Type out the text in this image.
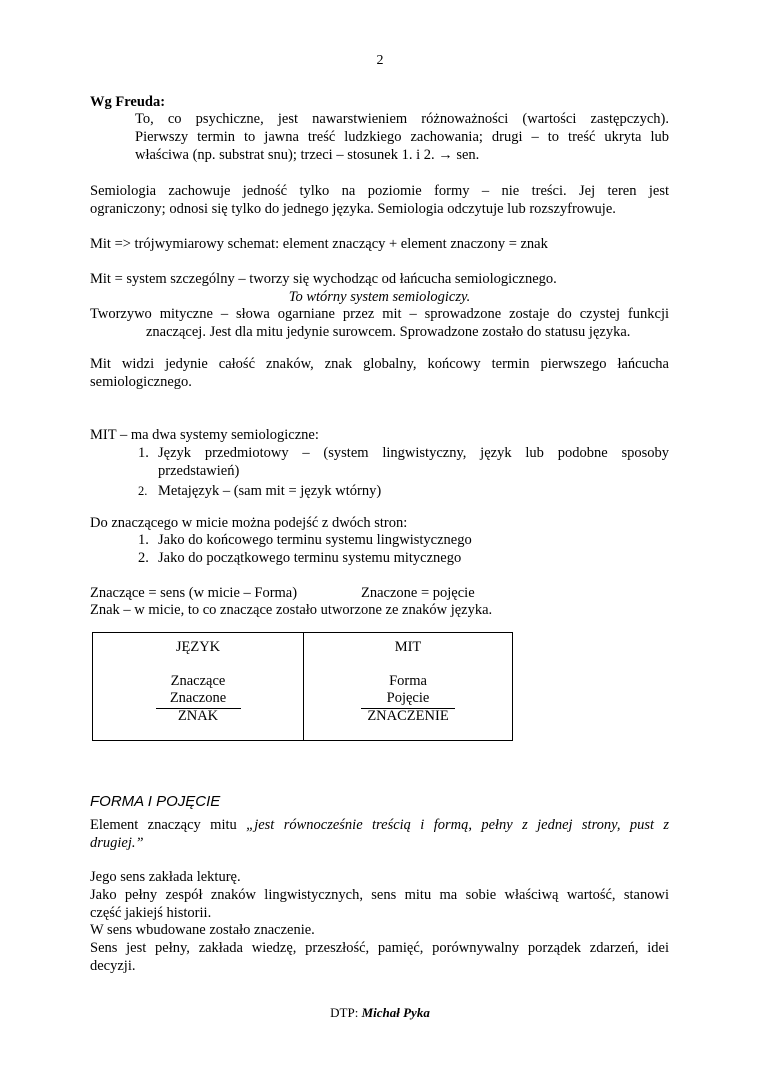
2
Wg Freuda:
To, co psychiczne, jest nawarstwieniem różnoważności (wartości zastępczych).
Pierwszy termin to jawna treść ludzkiego zachowania; drugi – to treść ukryta lub
właściwa (np. substrat snu); trzeci – stosunek 1. i 2. → sen.
Semiologia zachowuje jedność tylko na poziomie formy – nie treści. Jej teren jest
ograniczony; odnosi się tylko do jednego języka. Semiologia odczytuje lub rozszyfrowuje.
Mit => trójwymiarowy schemat: element znaczący + element znaczony = znak
Mit = system szczególny – tworzy się wychodząc od łańcucha semiologicznego.
To wtórny system semiologiczy.
Tworzywo mityczne – słowa ogarniane przez mit – sprowadzone zostaje do czystej funkcji
znaczącej. Jest dla mitu jedynie surowcem. Sprowadzone zostało do statusu języka.
Mit widzi jedynie całość znaków, znak globalny, końcowy termin pierwszego łańcucha
semiologicznego.
MIT – ma dwa systemy semiologiczne:
1. Język przedmiotowy – (system lingwistyczny, język lub podobne sposoby
przedstawień)
2. Metajęzyk – (sam mit = język wtórny)
Do znaczącego w micie można podejść z dwóch stron:
1. Jako do końcowego terminu systemu lingwistycznego
2. Jako do początkowego terminu systemu mitycznego
Znaczące = sens (w micie – Forma)	Znaczone = pojęcie
Znak – w micie, to co znaczące zostało utworzone ze znaków języka.
JĘZYK
Znaczące
Znaczone
ZNAK
MIT
Forma
Pojęcie
ZNACZENIE
FORMA I POJĘCIE
Element znaczący mitu „jest równocześnie treścią i formą, pełny z jednej strony, pust z
drugiej.”
Jego sens zakłada lekturę.
Jako pełny zespół znaków lingwistycznych, sens mitu ma sobie właściwą wartość, stanowi
część jakiejś historii.
W sens wbudowane zostało znaczenie.
Sens jest pełny, zakłada wiedzę, przeszłość, pamięć, porównywalny porządek zdarzeń, idei
decyzji.
DTP: Michał Pyka
